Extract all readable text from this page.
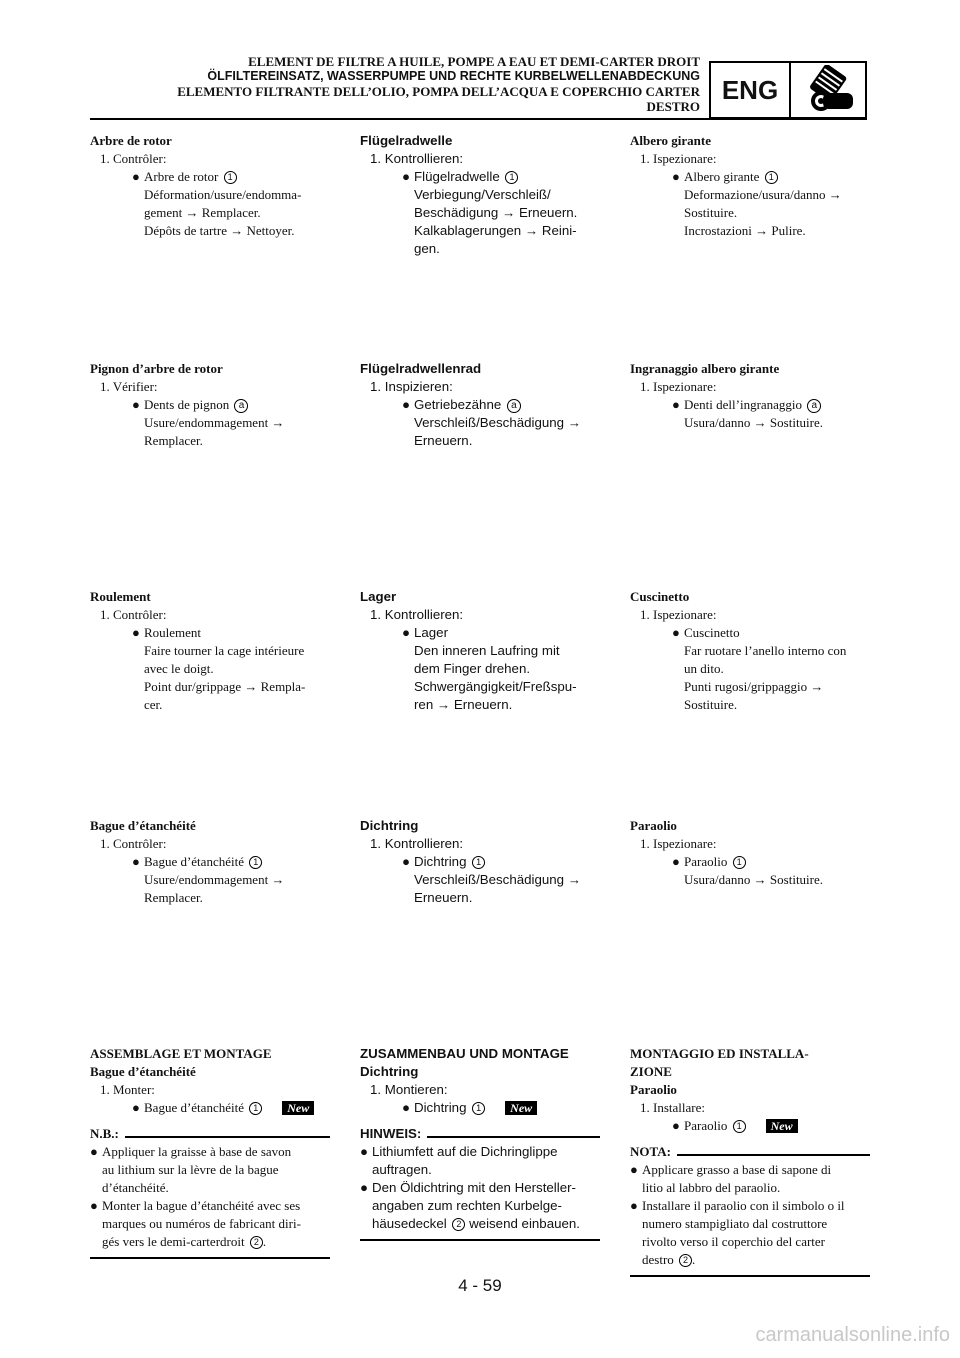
ELEMENT DE FILTRE A HUILE, POMPE A EAU ET DEMI-CARTER DROIT
ÖLFILTEREINSATZ, WASSERPUMPE UND RECHTE KURBELWELLENABDECKUNG
ELEMENTO FILTRANTE DELL’OLIO, POMPA DELL’ACQUA E COPERCHIO CARTER
DESTRO
ENG
Arbre de rotor
1. Contrôler:
● Arbre de rotor 1
Déformation/usure/endomma-
gement → Remplacer.
Dépôts de tartre → Nettoyer.
Pignon d’arbre de rotor
1. Vérifier:
● Dents de pignon a
Usure/endommagement →
Remplacer.
Roulement
1. Contrôler:
● Roulement
Faire tourner la cage intérieure
avec le doigt.
Point dur/grippage → Rempla-
cer.
Bague d’étanchéité
1. Contrôler:
● Bague d’étanchéité 1
Usure/endommagement →
Remplacer.
ASSEMBLAGE ET MONTAGE
Bague d’étanchéité
1. Monter:
● Bague d’étanchéité 1 New
N.B.:
● Appliquer la graisse à base de savon
au lithium sur la lèvre de la bague
d’étanchéité.
● Monter la bague d’étanchéité avec ses
marques ou numéros de fabricant diri-
gés vers le demi-carterdroit 2 .
Flügelradwelle
1. Kontrollieren:
● Flügelradwelle 1
Verbiegung/Verschleiß/
Beschädigung → Erneuern.
Kalkablagerungen → Reini-
gen.
Flügelradwellenrad
1. Inspizieren:
● Getriebezähne a
Verschleiß/Beschädigung →
Erneuern.
Lager
1. Kontrollieren:
● Lager
Den inneren Laufring mit
dem Finger drehen.
Schwergängigkeit/Freßspu-
ren → Erneuern.
Dichtring
1. Kontrollieren:
● Dichtring 1
Verschleiß/Beschädigung →
Erneuern.
ZUSAMMENBAU UND MONTAGE
Dichtring
1. Montieren:
● Dichtring 1 New
HINWEIS:
● Lithiumfett auf die Dichringlippe
auftragen.
● Den Öldichtring mit den Hersteller-
angaben zum rechten Kurbelge-
häusedeckel 2 weisend einbauen.
Albero girante
1. Ispezionare:
● Albero girante 1
Deformazione/usura/danno →
Sostituire.
Incrostazioni → Pulire.
Ingranaggio albero girante
1. Ispezionare:
● Denti dell’ingranaggio a
Usura/danno → Sostituire.
Cuscinetto
1. Ispezionare:
● Cuscinetto
Far ruotare l’anello interno con
un dito.
Punti rugosi/grippaggio →
Sostituire.
Paraolio
1. Ispezionare:
● Paraolio 1
Usura/danno → Sostituire.
MONTAGGIO ED INSTALLA-
ZIONE
Paraolio
1. Installare:
● Paraolio 1 New
NOTA:
● Applicare grasso a base di sapone di
litio al labbro del paraolio.
● Installare il paraolio con il simbolo o il
numero stampigliato dal costruttore
rivolto verso il coperchio del carter
destro 2 .
4 - 59
carmanualsonline.info
